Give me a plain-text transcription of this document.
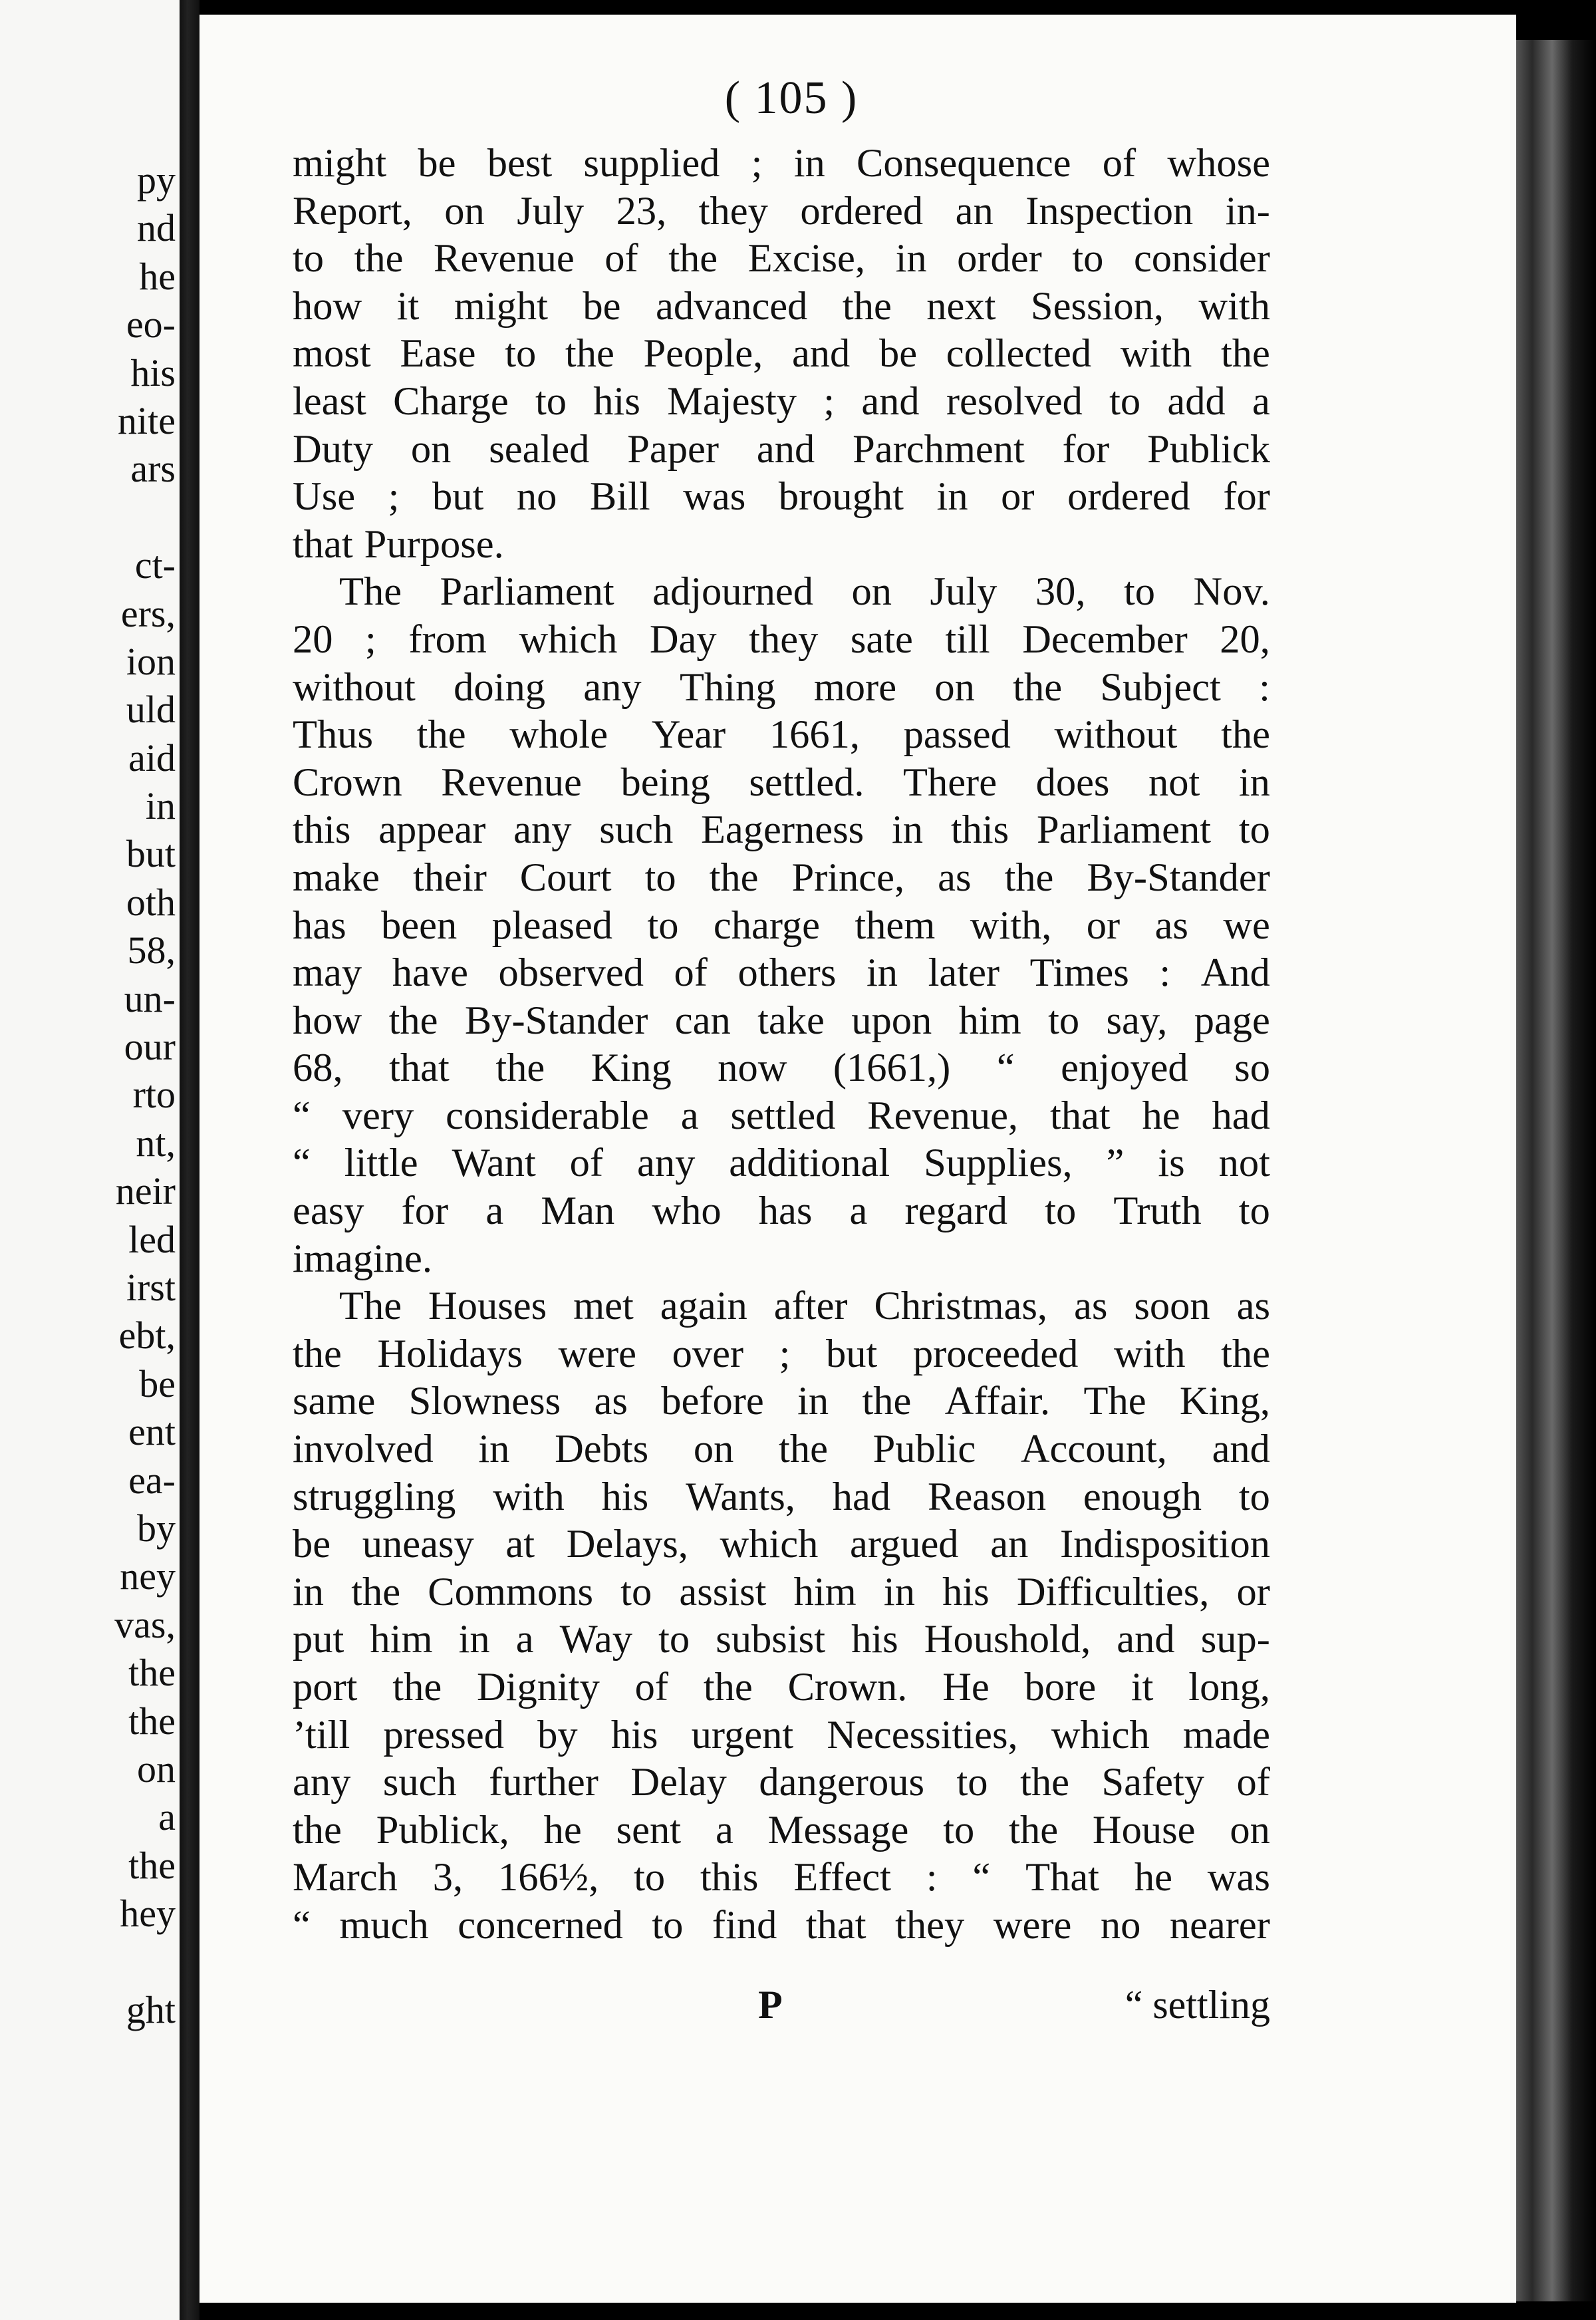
py
nd
he
eo-
his
nite
ars
ct-
ers,
ion
uld
aid
in
but
oth
58,
un-
our
rto
nt,
neir
led
irst
ebt,
be
ent
ea-
by
ney
vas,
the
the
on
a
the
hey
ght
( 105 )
might be best supplied ; in Consequence of whose
Report, on July 23, they ordered an Inspection in-
to the Revenue of the Excise, in order to consider
how it might be advanced the next Session, with
most Ease to the People, and be collected with the
least Charge to his Majesty ; and resolved to add a
Duty on sealed Paper and Parchment for Publick
Use ; but no Bill was brought in or ordered for
that Purpose.
The Parliament adjourned on July 30, to Nov.
20 ; from which Day they sate till December 20,
without doing any Thing more on the Subject :
Thus the whole Year 1661, passed without the
Crown Revenue being settled. There does not in
this appear any such Eagerness in this Parliament to
make their Court to the Prince, as the By-Stander
has been pleased to charge them with, or as we
may have observed of others in later Times : And
how the By-Stander can take upon him to say, page
68, that the King now (1661,) “ enjoyed so
“ very considerable a settled Revenue, that he had
“ little Want of any additional Supplies, ” is not
easy for a Man who has a regard to Truth to
imagine.
The Houses met again after Christmas, as soon as
the Holidays were over ; but proceeded with the
same Slowness as before in the Affair. The King,
involved in Debts on the Public Account, and
struggling with his Wants, had Reason enough to
be uneasy at Delays, which argued an Indisposition
in the Commons to assist him in his Difficulties, or
put him in a Way to subsist his Houshold, and sup-
port the Dignity of the Crown. He bore it long,
’till pressed by his urgent Necessities, which made
any such further Delay dangerous to the Safety of
the Publick, he sent a Message to the House on
March 3, 166½, to this Effect : “ That he was
“ much concerned to find that they were no nearer
P	“ settling
